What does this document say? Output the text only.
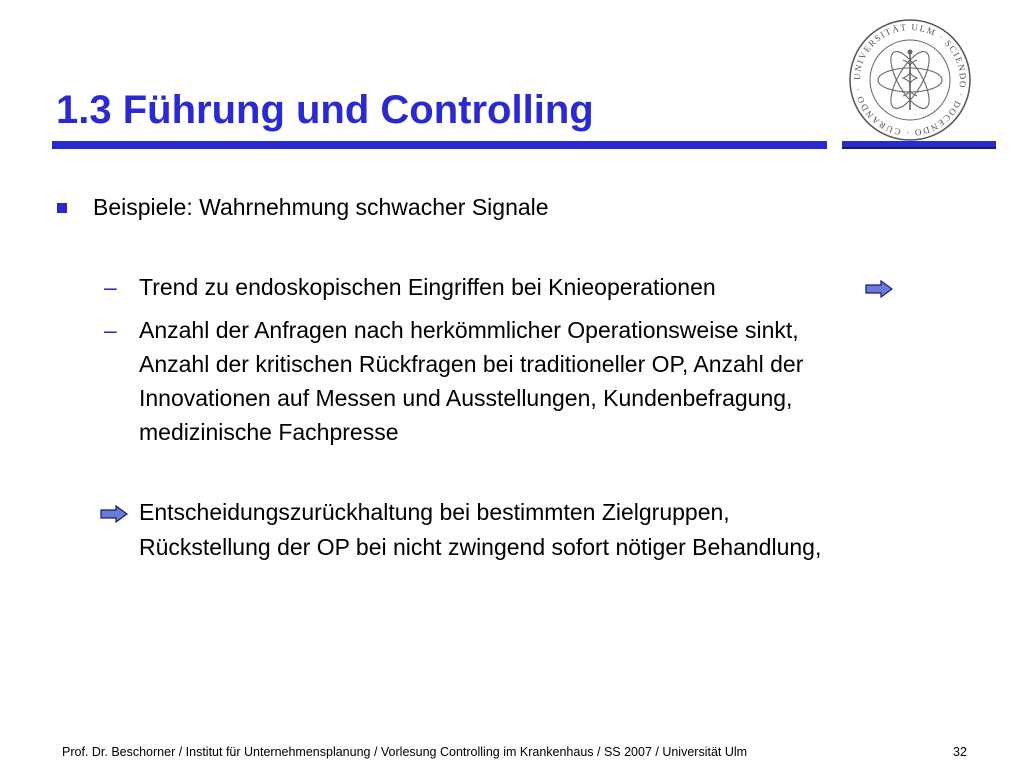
1.3 Führung und Controlling
UNIVERSITÄT ULM · SCIENDO · DOCENDO · CURANDO ·
Beispiele: Wahrnehmung schwacher Signale
– Trend zu endoskopischen Eingriffen bei Knieoperationen
– Anzahl der Anfragen nach herkömmlicher Operationsweise sinkt,
Anzahl der kritischen Rückfragen bei traditioneller OP, Anzahl der
Innovationen auf Messen und Ausstellungen, Kundenbefragung,
medizinische Fachpresse
Entscheidungszurückhaltung bei bestimmten Zielgruppen,
Rückstellung der OP bei nicht zwingend sofort nötiger Behandlung,
Prof. Dr. Beschorner / Institut für Unternehmensplanung / Vorlesung Controlling im Krankenhaus / SS 2007 / Universität Ulm	32
